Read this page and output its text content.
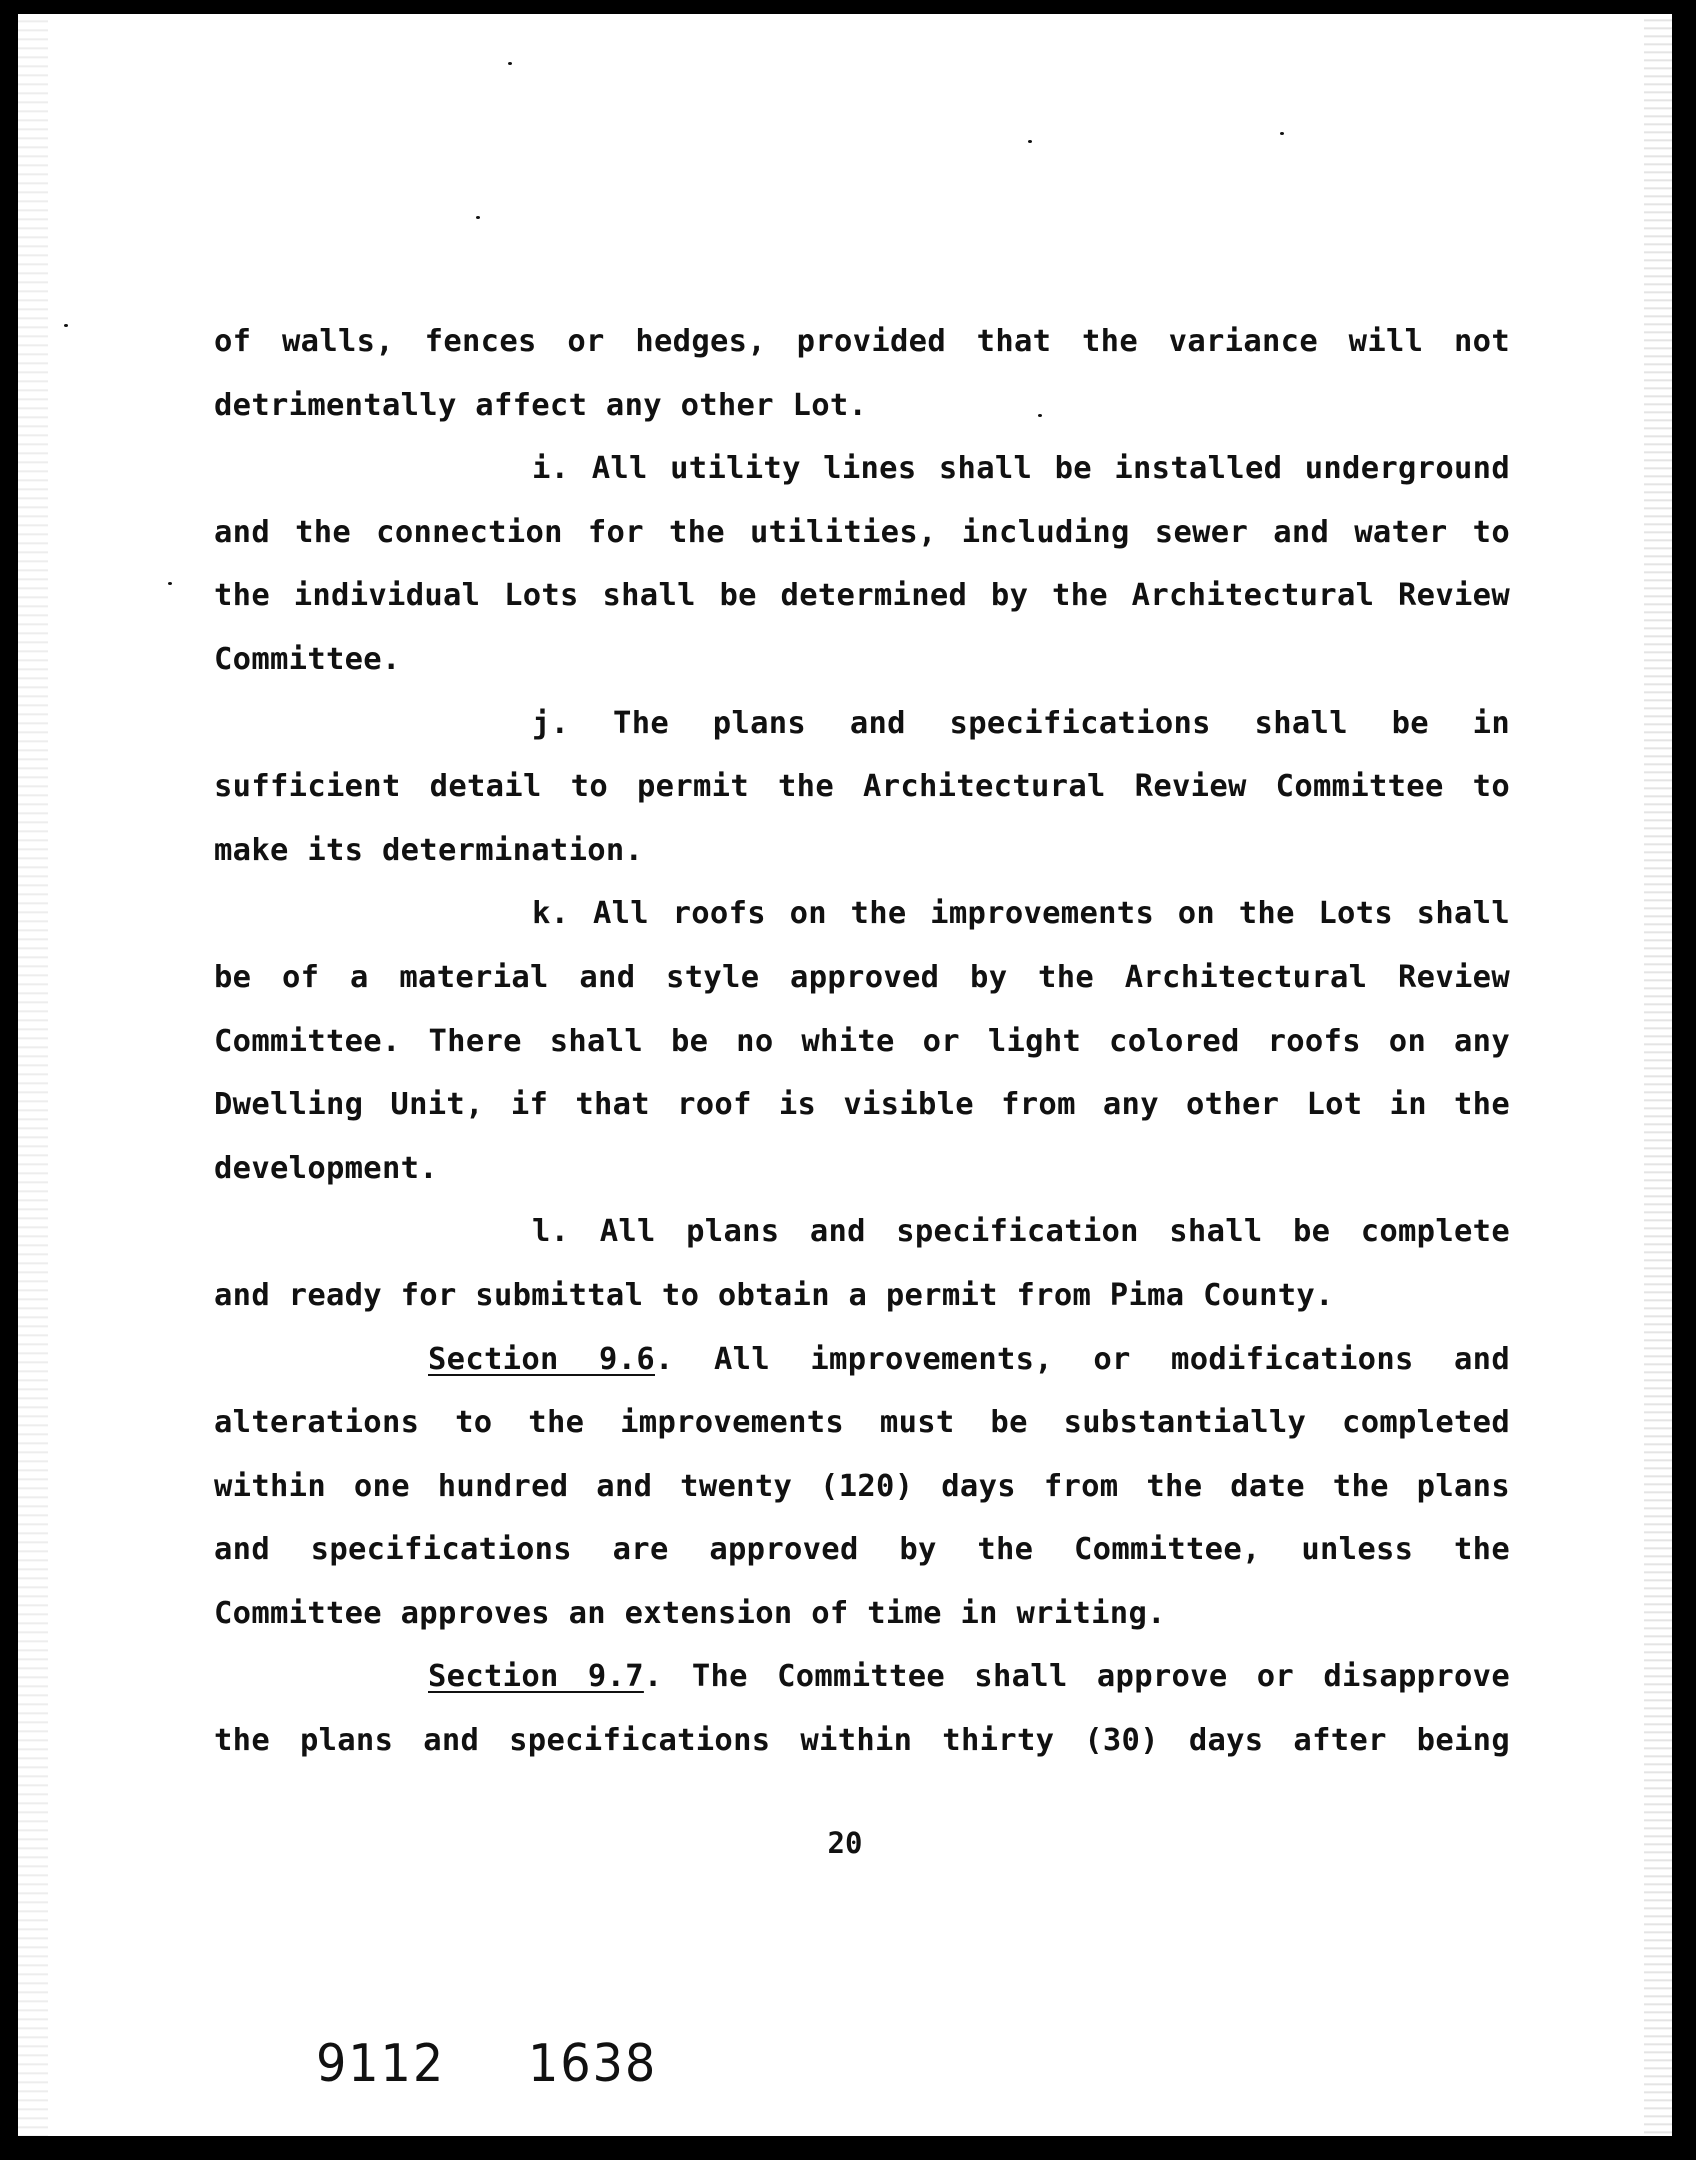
of walls, fences or hedges, provided that the variance will not
detrimentally affect any other Lot.
i. All utility lines shall be installed underground
and the connection for the utilities, including sewer and water to
the individual Lots shall be determined by the Architectural Review
Committee.
j. The plans and specifications shall be in
sufficient detail to permit the Architectural Review Committee to
make its determination.
k. All roofs on the improvements on the Lots shall
be of a material and style approved by the Architectural Review
Committee. There shall be no white or light colored roofs on any
Dwelling Unit, if that roof is visible from any other Lot in the
development.
l. All plans and specification shall be complete
and ready for submittal to obtain a permit from Pima County.
Section 9.6. All improvements, or modifications and
alterations to the improvements must be substantially completed
within one hundred and twenty (120) days from the date the plans
and specifications are approved by the Committee, unless the
Committee approves an extension of time in writing.
Section 9.7. The Committee shall approve or disapprove
the plans and specifications within thirty (30) days after being
20
9112 1638
